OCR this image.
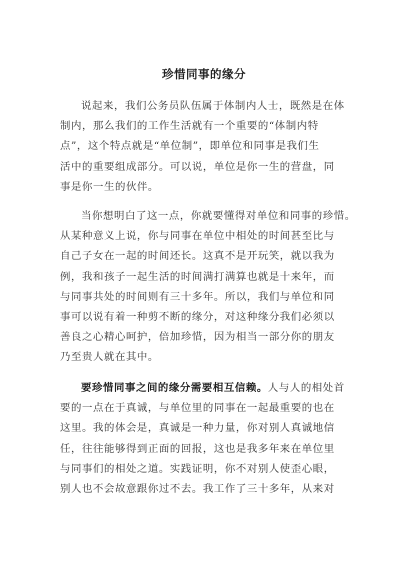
珍惜同事的缘分
说起来，我们公务员队伍属于体制内人士，既然是在体
制内，那么我们的工作生活就有一个重要的“体制内特
点”，这个特点就是“单位制”，即单位和同事是我们生
活中的重要组成部分。可以说，单位是你一生的营盘，同
事是你一生的伙伴。
当你想明白了这一点，你就要懂得对单位和同事的珍惜。
从某种意义上说，你与同事在单位中相处的时间甚至比与
自己子女在一起的时间还长。这真不是开玩笑，就以我为
例，我和孩子一起生活的时间满打满算也就是十来年，而
与同事共处的时间则有三十多年。所以，我们与单位和同
事可以说有着一种剪不断的缘分，对这种缘分我们必须以
善良之心精心呵护，倍加珍惜，因为相当一部分你的朋友
乃至贵人就在其中。
要珍惜同事之间的缘分需要相互信赖。人与人的相处首
要的一点在于真诚，与单位里的同事在一起最重要的也在
这里。我的体会是，真诚是一种力量，你对别人真诚地信
任，往往能够得到正面的回报，这也是我多年来在单位里
与同事们的相处之道。实践证明，你不对别人使歪心眼，
别人也不会故意跟你过不去。我工作了三十多年，从来对
